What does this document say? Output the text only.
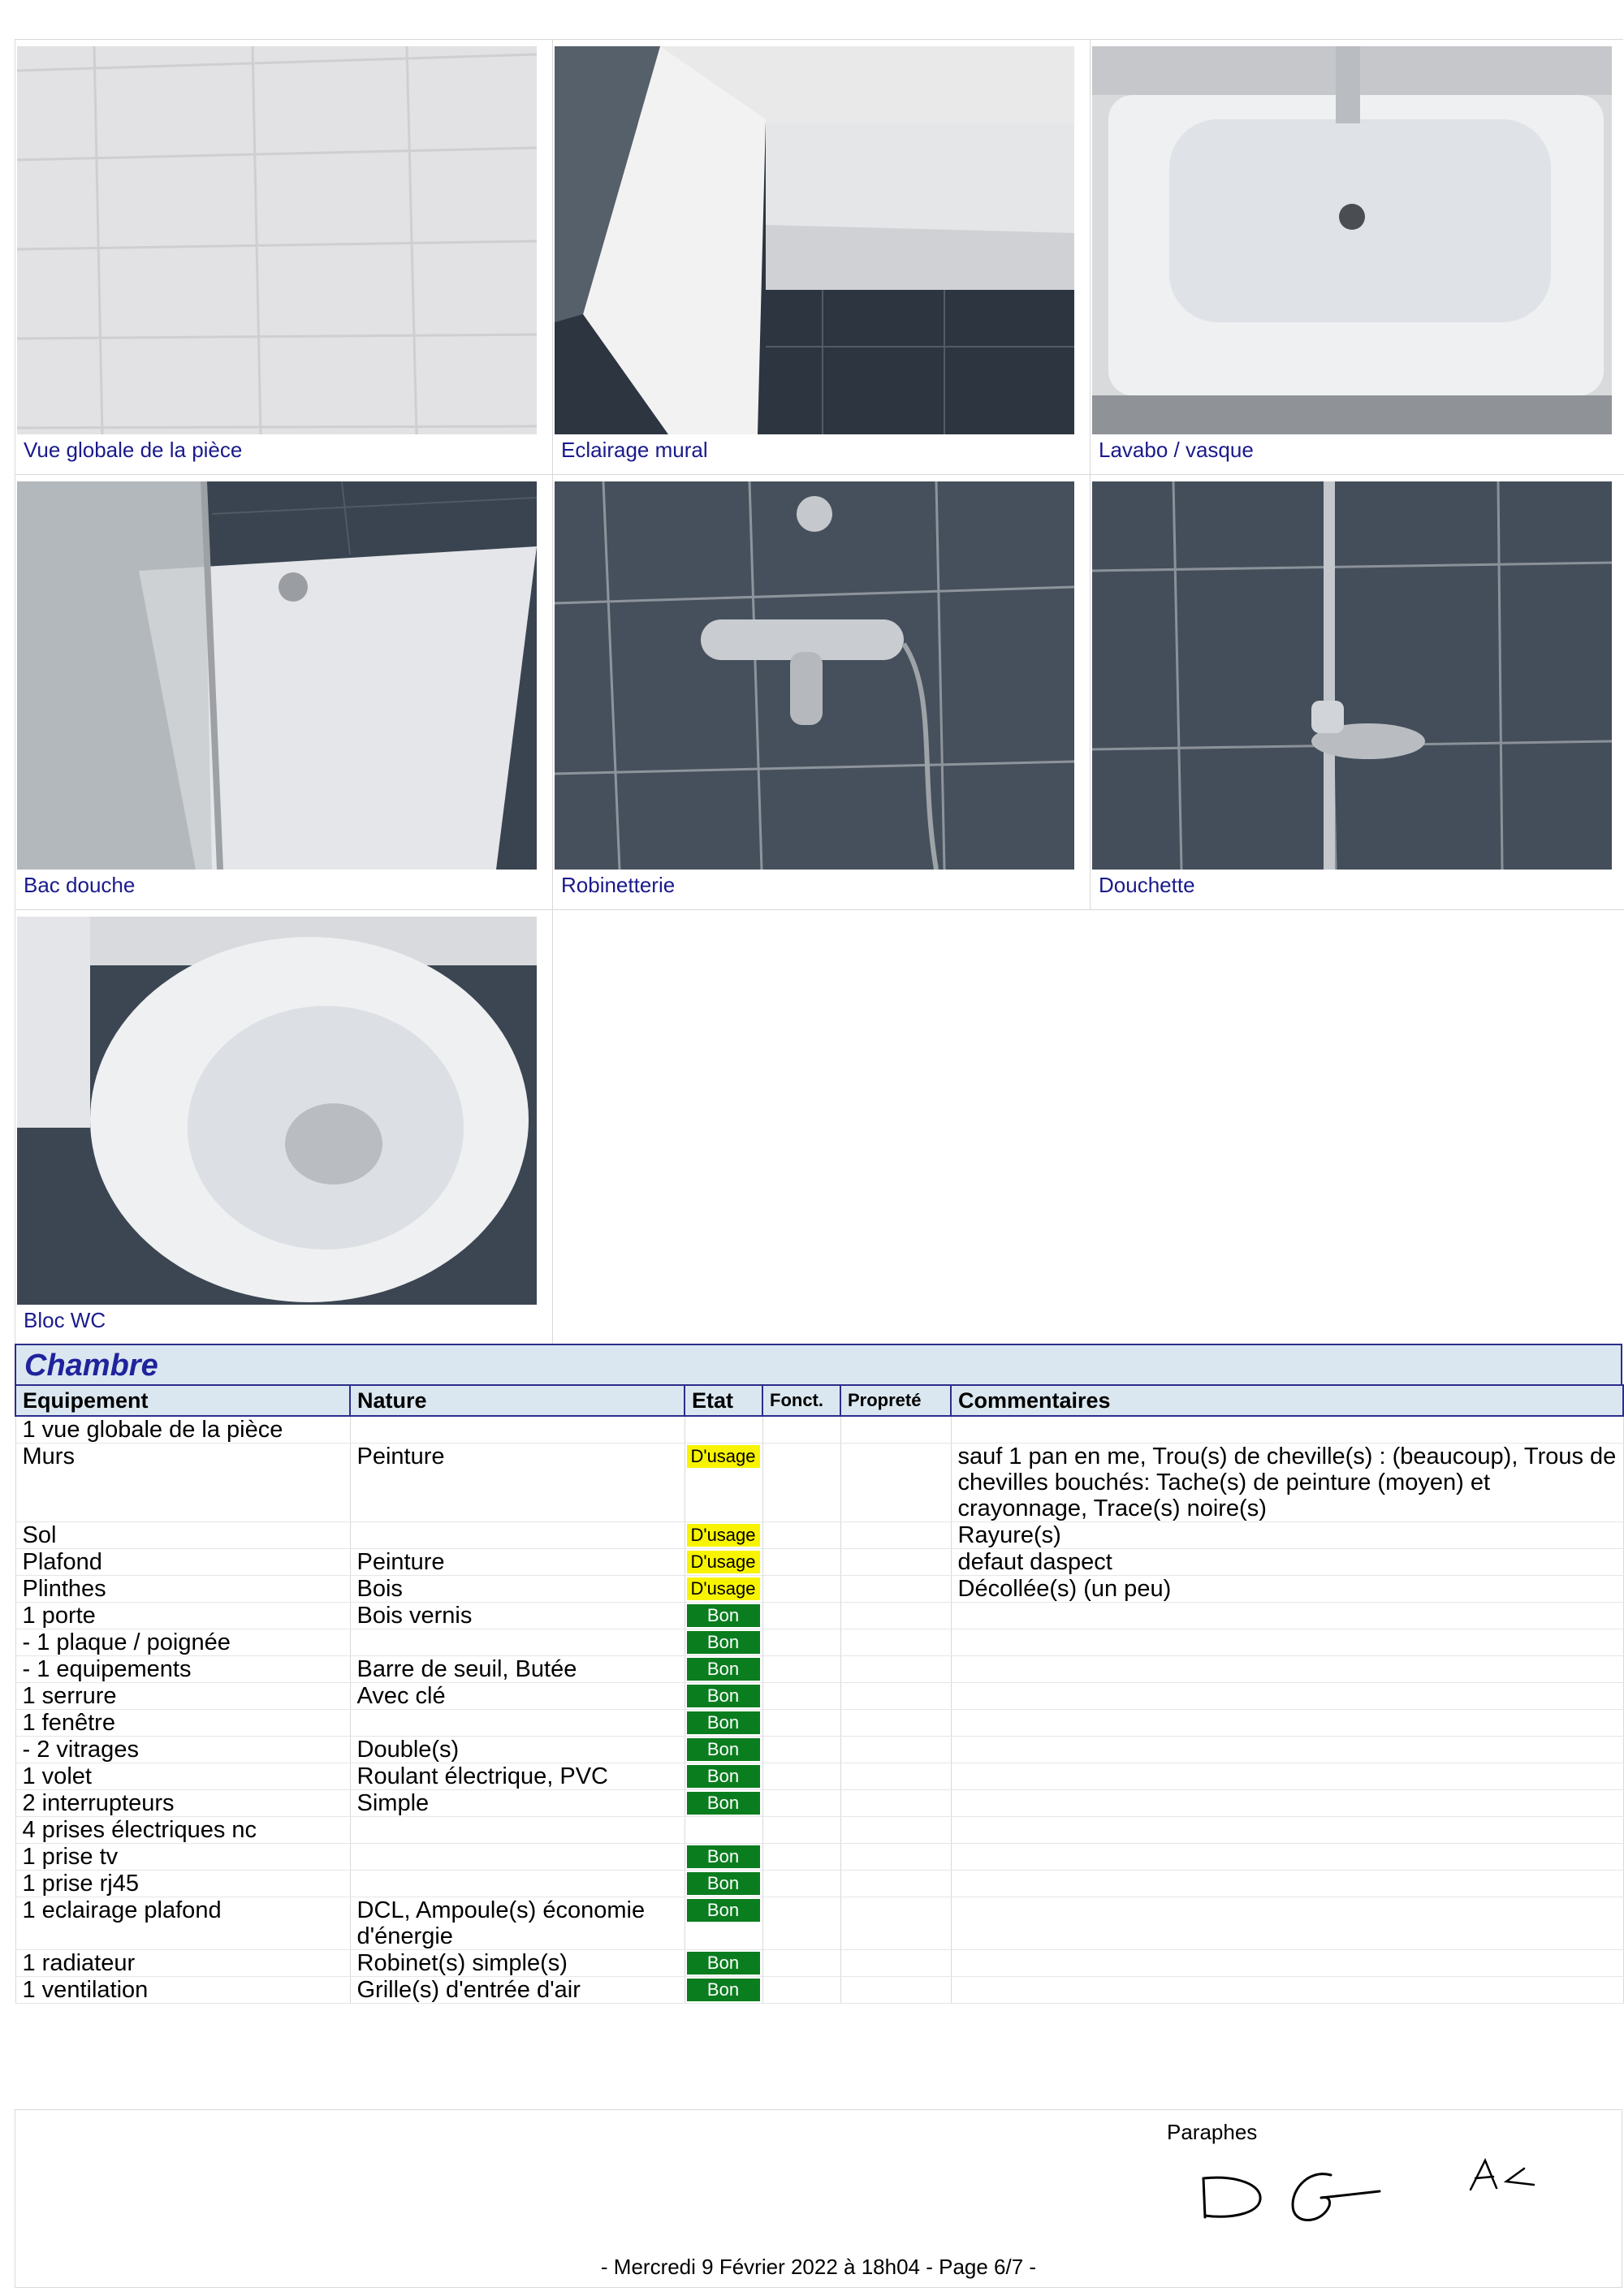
Vue globale de la pièce	Eclairage mural	Lavabo / vasque
Bac douche	Robinetterie	Douchette
Bloc WC
Chambre
Equipement	Nature	Etat	Fonct.	Propreté	Commentaires
1 vue globale de la pièce					
Murs	Peinture	D'usage			sauf 1 pan en me, Trou(s) de cheville(s) : (beaucoup), Trous de chevilles bouchés: Tache(s) de peinture (moyen) et crayonnage, Trace(s) noire(s)
Sol		D'usage			Rayure(s)
Plafond	Peinture	D'usage			defaut daspect
Plinthes	Bois	D'usage			Décollée(s) (un peu)
1 porte	Bois vernis	Bon			

- 1 plaque / poignée		Bon			

- 1 equipements	Barre de seuil, Butée	Bon			

1 serrure	Avec clé	Bon			

1 fenêtre		Bon			

- 2 vitrages	Double(s)	Bon			

1 volet	Roulant électrique, PVC	Bon			

2 interrupteurs	Simple	Bon			

4 prises électriques nc					
1 prise tv		Bon			

1 prise rj45		Bon			

1 eclairage plafond	DCL, Ampoule(s) économie d'énergie	Bon			

1 radiateur	Robinet(s) simple(s)	Bon			

1 ventilation	Grille(s) d'entrée d'air	Bon			

Paraphes
- Mercredi 9 Février 2022 à 18h04 - Page 6/7 -
